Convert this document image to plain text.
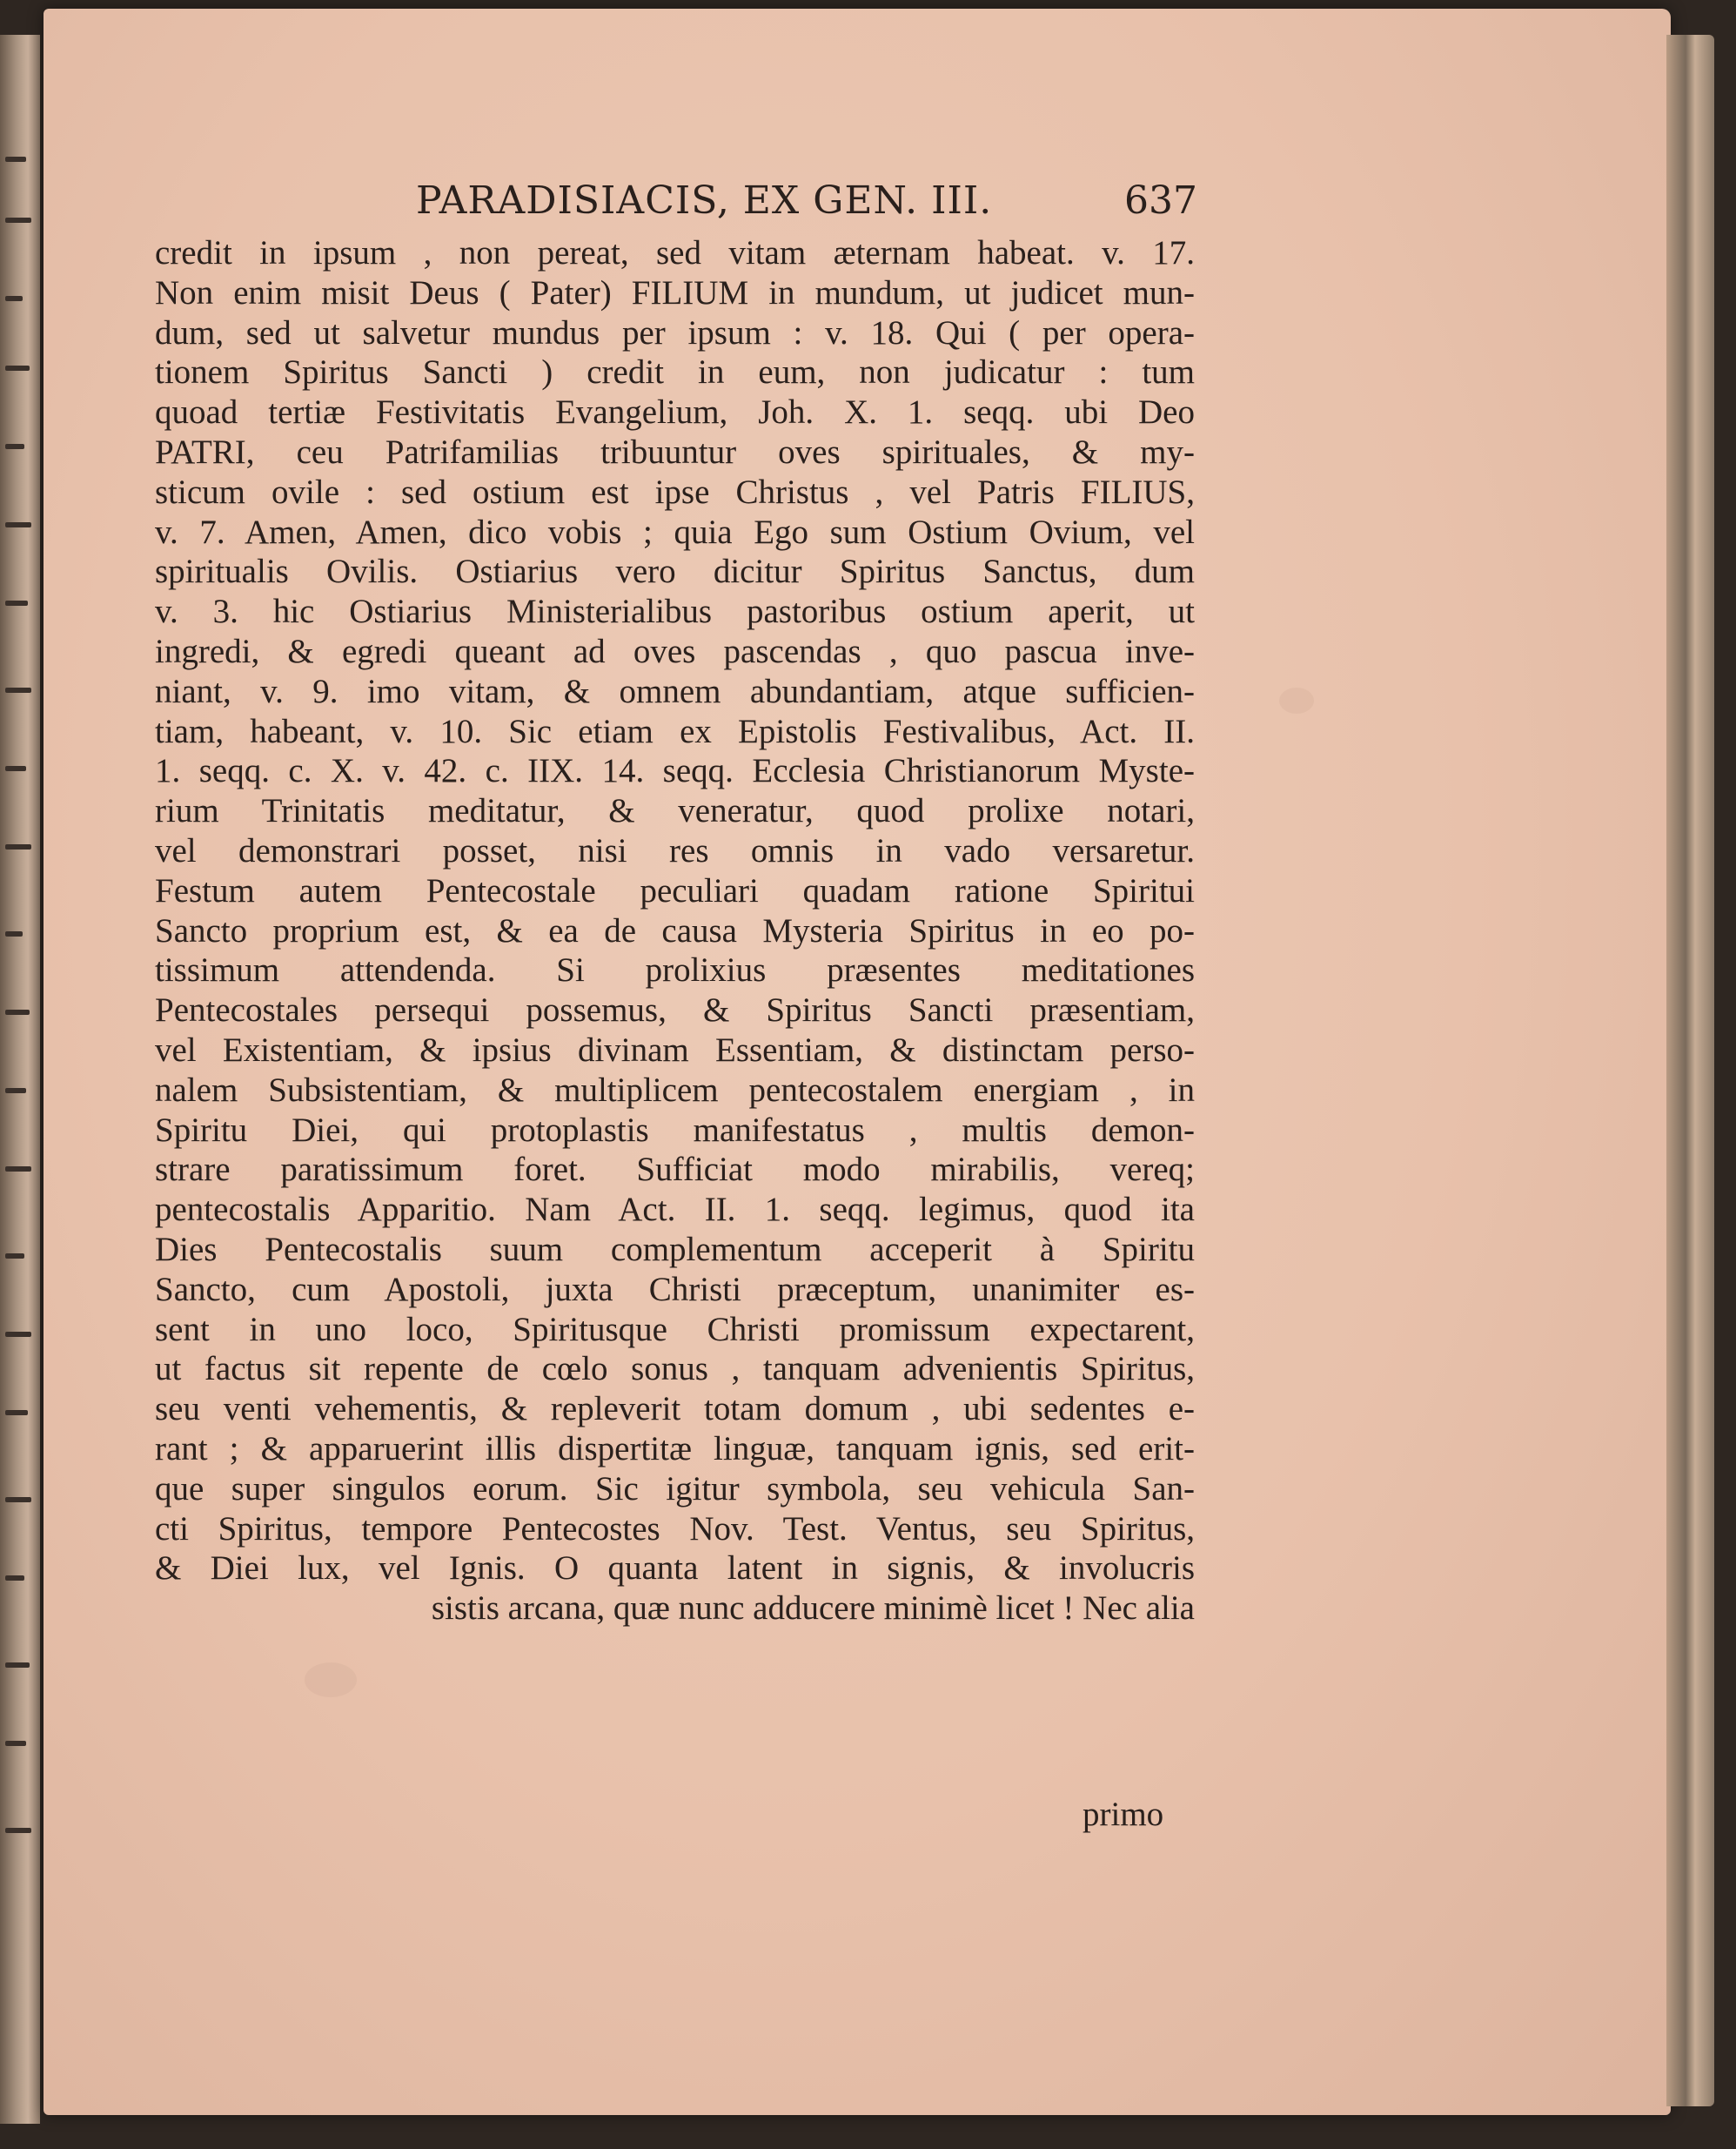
PARADISIACIS, EX GEN. III.	637
credit in ipsum , non pereat, sed vitam æternam habeat. v. 17.
Non enim misit Deus ( Pater) FILIUM in mundum, ut judicet mun-
dum, sed ut salvetur mundus per ipsum : v. 18. Qui ( per opera-
tionem Spiritus Sancti ) credit in eum, non judicatur : tum
quoad tertiæ Festivitatis Evangelium, Joh. X. 1. seqq. ubi Deo
PATRI, ceu Patrifamilias tribuuntur oves spirituales, & my-
sticum ovile : sed ostium est ipse Christus , vel Patris FILIUS,
v. 7. Amen, Amen, dico vobis ; quia Ego sum Ostium Ovium, vel
spiritualis Ovilis. Ostiarius vero dicitur Spiritus Sanctus, dum
v. 3. hic Ostiarius Ministerialibus pastoribus ostium aperit, ut
ingredi, & egredi queant ad oves pascendas , quo pascua inve-
niant, v. 9. imo vitam, & omnem abundantiam, atque sufficien-
tiam, habeant, v. 10. Sic etiam ex Epistolis Festivalibus, Act. II.
1. seqq. c. X. v. 42. c. IIX. 14. seqq. Ecclesia Christianorum Myste-
rium Trinitatis meditatur, & veneratur, quod prolixe notari,
vel demonstrari posset, nisi res omnis in vado versaretur.
Festum autem Pentecostale peculiari quadam ratione Spiritui
Sancto proprium est, & ea de causa Mysteria Spiritus in eo po-
tissimum attendenda. Si prolixius præsentes meditationes
Pentecostales persequi possemus, & Spiritus Sancti præsentiam,
vel Existentiam, & ipsius divinam Essentiam, & distinctam perso-
nalem Subsistentiam, & multiplicem pentecostalem energiam , in
Spiritu Diei, qui protoplastis manifestatus , multis demon-
strare paratissimum foret. Sufficiat modo mirabilis, vereq;
pentecostalis Apparitio. Nam Act. II. 1. seqq. legimus, quod ita
Dies Pentecostalis suum complementum acceperit à Spiritu
Sancto, cum Apostoli, juxta Christi præceptum, unanimiter es-
sent in uno loco, Spiritusque Christi promissum expectarent,
ut factus sit repente de cœlo sonus , tanquam advenientis Spiritus,
seu venti vehementis, & repleverit totam domum , ubi sedentes e-
rant ; & apparuerint illis dispertitæ linguæ, tanquam ignis, sed erit-
que super singulos eorum. Sic igitur symbola, seu vehicula San-
cti Spiritus, tempore Pentecostes Nov. Test. Ventus, seu Spiritus,
& Diei lux, vel Ignis. O quanta latent in signis, & involucris
sistis arcana, quæ nunc adducere minimè licet ! Nec alia
primo
